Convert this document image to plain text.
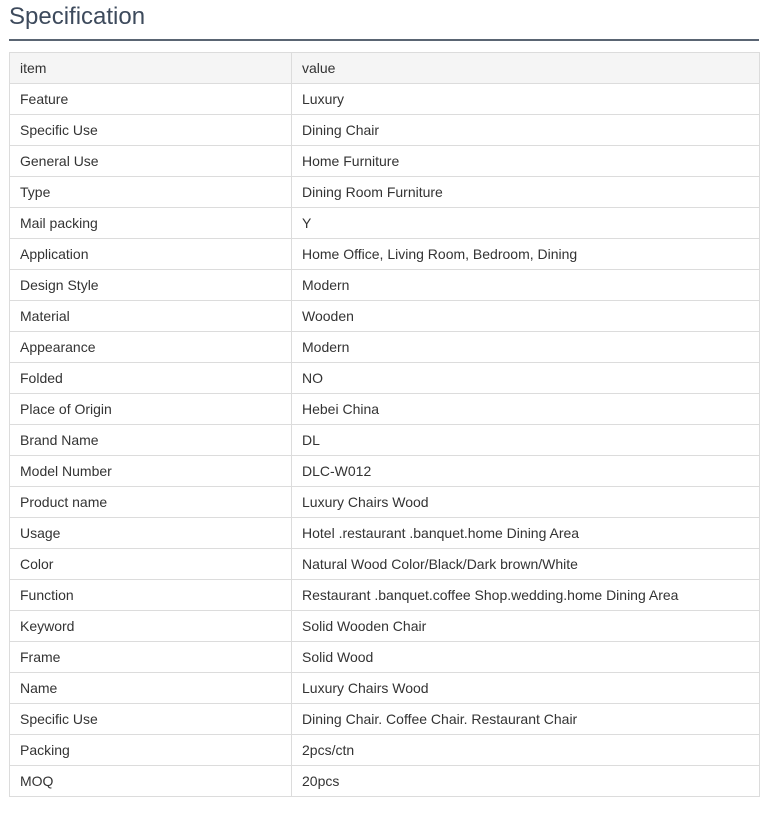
Specification
item	value
Feature	Luxury
Specific Use	Dining Chair
General Use	Home Furniture
Type	Dining Room Furniture
Mail packing	Y
Application	Home Office, Living Room, Bedroom, Dining
Design Style	Modern
Material	Wooden
Appearance	Modern
Folded	NO
Place of Origin	Hebei China
Brand Name	DL
Model Number	DLC-W012
Product name	Luxury Chairs Wood
Usage	Hotel .restaurant .banquet.home Dining Area
Color	Natural Wood Color/Black/Dark brown/White
Function	Restaurant .banquet.coffee Shop.wedding.home Dining Area
Keyword	Solid Wooden Chair
Frame	Solid Wood
Name	Luxury Chairs Wood
Specific Use	Dining Chair. Coffee Chair. Restaurant Chair
Packing	2pcs/ctn
MOQ	20pcs
